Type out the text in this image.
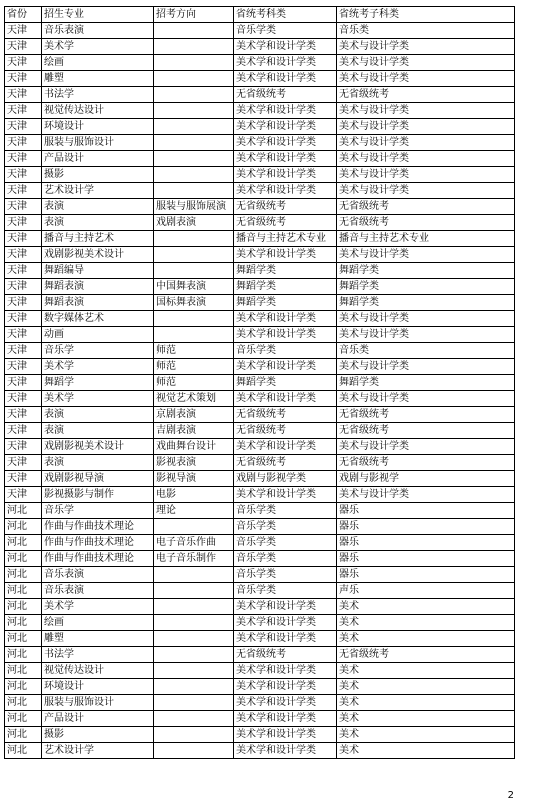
省份	招生专业	招考方向	省统考科类	省统考子科类
天津	音乐表演		音乐学类	音乐类
天津	美术学		美术学和设计学类	美术与设计学类
天津	绘画		美术学和设计学类	美术与设计学类
天津	雕塑		美术学和设计学类	美术与设计学类
天津	书法学		无省级统考	无省级统考
天津	视觉传达设计		美术学和设计学类	美术与设计学类
天津	环境设计		美术学和设计学类	美术与设计学类
天津	服装与服饰设计		美术学和设计学类	美术与设计学类
天津	产品设计		美术学和设计学类	美术与设计学类
天津	摄影		美术学和设计学类	美术与设计学类
天津	艺术设计学		美术学和设计学类	美术与设计学类
天津	表演	服装与服饰展演	无省级统考	无省级统考
天津	表演	戏剧表演	无省级统考	无省级统考
天津	播音与主持艺术		播音与主持艺术专业	播音与主持艺术专业
天津	戏剧影视美术设计		美术学和设计学类	美术与设计学类
天津	舞蹈编导		舞蹈学类	舞蹈学类
天津	舞蹈表演	中国舞表演	舞蹈学类	舞蹈学类
天津	舞蹈表演	国标舞表演	舞蹈学类	舞蹈学类
天津	数字媒体艺术		美术学和设计学类	美术与设计学类
天津	动画		美术学和设计学类	美术与设计学类
天津	音乐学	师范	音乐学类	音乐类
天津	美术学	师范	美术学和设计学类	美术与设计学类
天津	舞蹈学	师范	舞蹈学类	舞蹈学类
天津	美术学	视觉艺术策划	美术学和设计学类	美术与设计学类
天津	表演	京剧表演	无省级统考	无省级统考
天津	表演	吉剧表演	无省级统考	无省级统考
天津	戏剧影视美术设计	戏曲舞台设计	美术学和设计学类	美术与设计学类
天津	表演	影视表演	无省级统考	无省级统考
天津	戏剧影视导演	影视导演	戏剧与影视学类	戏剧与影视学
天津	影视摄影与制作	电影	美术学和设计学类	美术与设计学类
河北	音乐学	理论	音乐学类	器乐
河北	作曲与作曲技术理论		音乐学类	器乐
河北	作曲与作曲技术理论	电子音乐作曲	音乐学类	器乐
河北	作曲与作曲技术理论	电子音乐制作	音乐学类	器乐
河北	音乐表演		音乐学类	器乐
河北	音乐表演		音乐学类	声乐
河北	美术学		美术学和设计学类	美术
河北	绘画		美术学和设计学类	美术
河北	雕塑		美术学和设计学类	美术
河北	书法学		无省级统考	无省级统考
河北	视觉传达设计		美术学和设计学类	美术
河北	环境设计		美术学和设计学类	美术
河北	服装与服饰设计		美术学和设计学类	美术
河北	产品设计		美术学和设计学类	美术
河北	摄影		美术学和设计学类	美术
河北	艺术设计学		美术学和设计学类	美术
2
